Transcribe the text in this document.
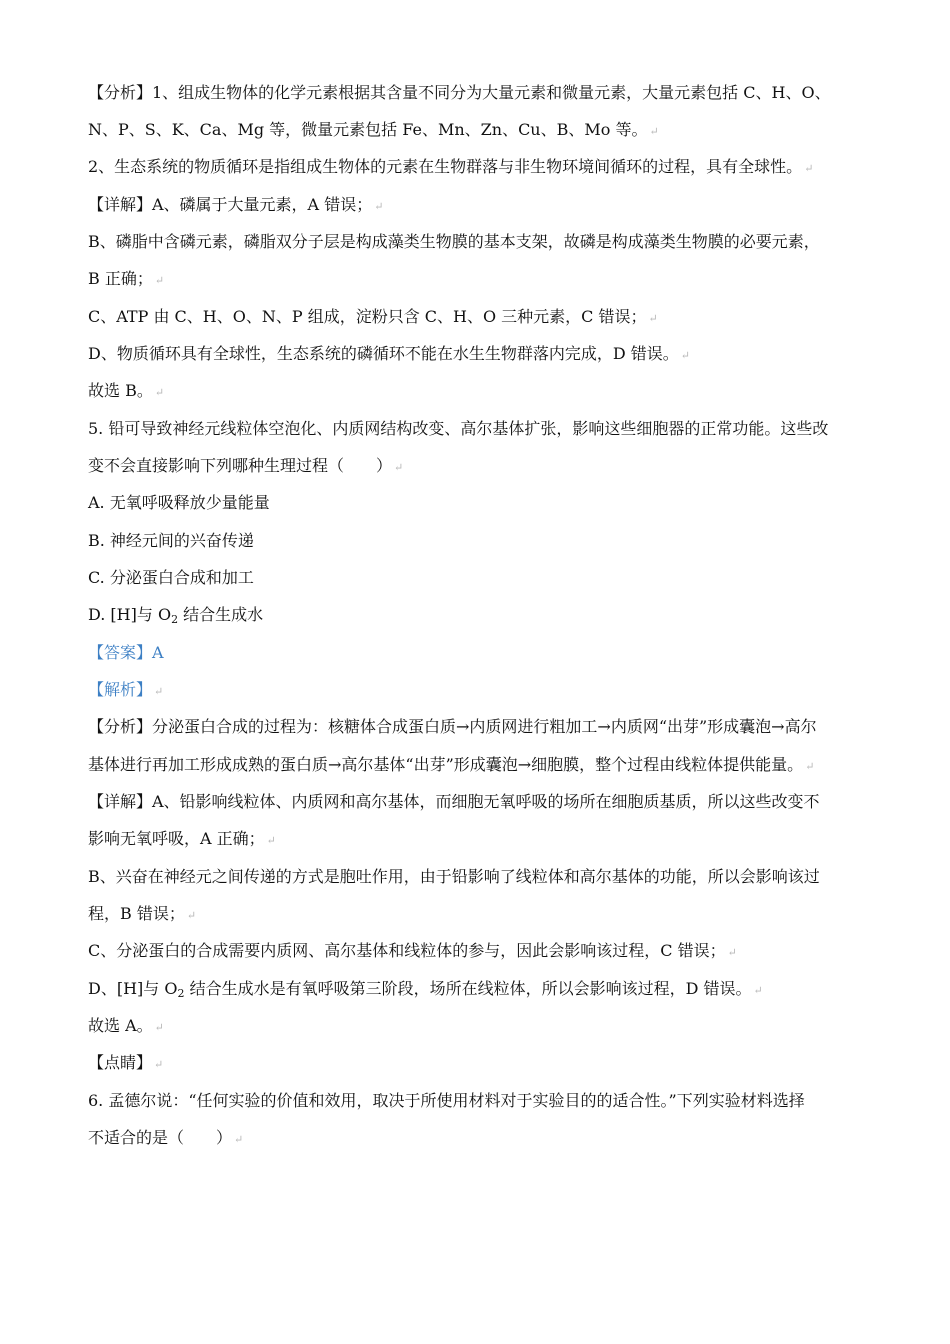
【分析】1、组成生物体的化学元素根据其含量不同分为大量元素和微量元素，大量元素包括 C、H、O、
N、P、S、K、Ca、Mg 等，微量元素包括 Fe、Mn、Zn、Cu、B、Mo 等。 ↵
2、生态系统的物质循环是指组成生物体的元素在生物群落与非生物环境间循环的过程，具有全球性。 ↵
【详解】A、磷属于大量元素，A 错误； ↵
B、磷脂中含磷元素，磷脂双分子层是构成藻类生物膜的基本支架，故磷是构成藻类生物膜的必要元素，
B 正确； ↵
C、ATP 由 C、H、O、N、P 组成，淀粉只含 C、H、O 三种元素，C 错误； ↵
D、物质循环具有全球性，生态系统的磷循环不能在水生生物群落内完成，D 错误。 ↵
故选 B。 ↵
5. 铅可导致神经元线粒体空泡化、内质网结构改变、高尔基体扩张，影响这些细胞器的正常功能。这些改
变不会直接影响下列哪种生理过程（　　） ↵
A. 无氧呼吸释放少量能量
B. 神经元间的兴奋传递
C. 分泌蛋白合成和加工
D. [H]与 $O_2$ 结合生成水
【答案】A
【解析】 ↵
【分析】分泌蛋白合成的过程为：核糖体合成蛋白质→内质网进行粗加工→内质网“出芽”形成囊泡→高尔
基体进行再加工形成成熟的蛋白质→高尔基体“出芽”形成囊泡→细胞膜，整个过程由线粒体提供能量。 ↵
【详解】A、铅影响线粒体、内质网和高尔基体，而细胞无氧呼吸的场所在细胞质基质，所以这些改变不
影响无氧呼吸，A 正确； ↵
B、兴奋在神经元之间传递的方式是胞吐作用，由于铅影响了线粒体和高尔基体的功能，所以会影响该过
程，B 错误； ↵
C、分泌蛋白的合成需要内质网、高尔基体和线粒体的参与，因此会影响该过程，C 错误； ↵
D、[H]与 $O_2$ 结合生成水是有氧呼吸第三阶段，场所在线粒体，所以会影响该过程，D 错误。 ↵
故选 A。 ↵
【点睛】 ↵
6. 孟德尔说：“任何实验的价值和效用，取决于所使用材料对于实验目的的适合性。”下列实验材料选择
不适合的是（　　） ↵
